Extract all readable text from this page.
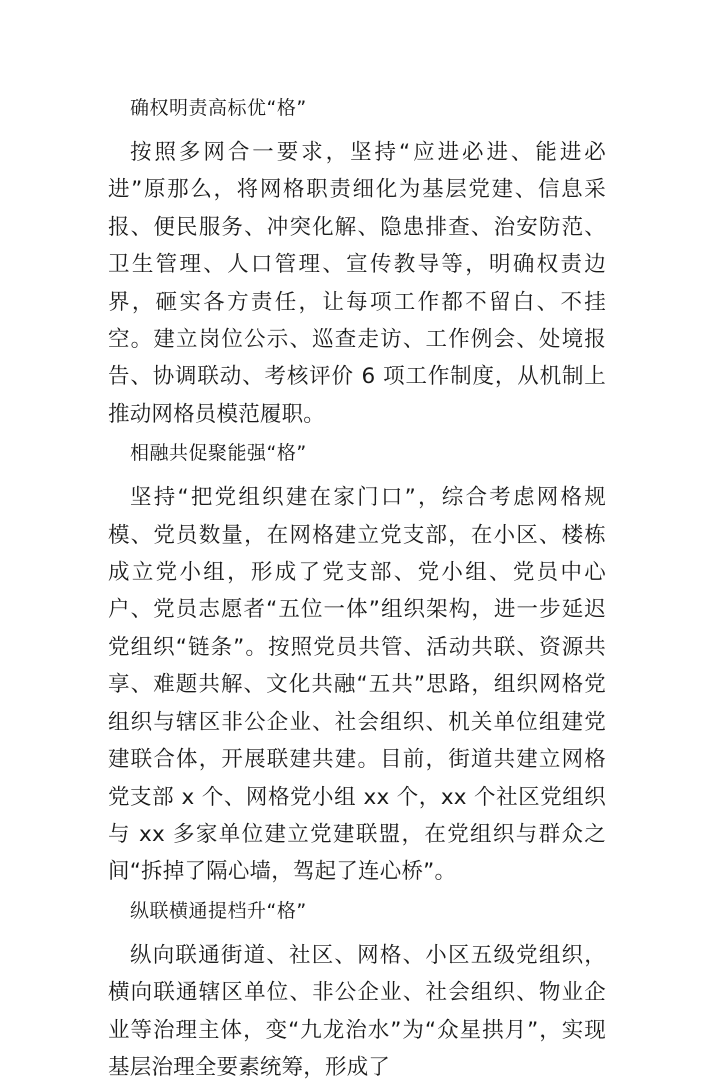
确权明责高标优“格”

按照多网合一要求，坚持“应进必进、能进必进”原那么，将网格职责细化为基层党建、信息采报、便民服务、冲突化解、隐患排查、治安防范、卫生管理、人口管理、宣传教导等，明确权责边界，砸实各方责任，让每项工作都不留白、不挂空。建立岗位公示、巡查走访、工作例会、处境报告、协调联动、考核评价 6 项工作制度，从机制上推动网格员模范履职。

相融共促聚能强“格”

坚持“把党组织建在家门口”，综合考虑网格规模、党员数量，在网格建立党支部，在小区、楼栋成立党小组，形成了党支部、党小组、党员中心户、党员志愿者“五位一体”组织架构，进一步延迟党组织“链条”。按照党员共管、活动共联、资源共享、难题共解、文化共融“五共”思路，组织网格党组织与辖区非公企业、社会组织、机关单位组建党建联合体，开展联建共建。目前，街道共建立网格党支部 x 个、网格党小组 xx 个，xx 个社区党组织与 xx 多家单位建立党建联盟，在党组织与群众之间“拆掉了隔心墙，驾起了连心桥”。

纵联横通提档升“格”

纵向联通街道、社区、网格、小区五级党组织，横向联通辖区单位、非公企业、社会组织、物业企业等治理主体，变“九龙治水”为“众星拱月”，实现基层治理全要素统筹，形成了
